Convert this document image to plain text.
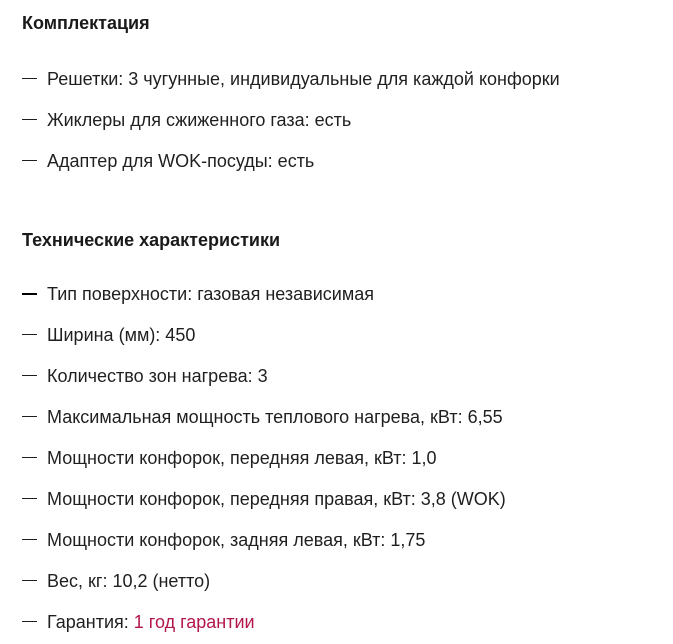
Комплектация
Решетки: 3 чугунные, индивидуальные для каждой конфорки
Жиклеры для сжиженного газа: есть
Адаптер для WOK-посуды: есть
Технические характеристики
Тип поверхности: газовая независимая
Ширина (мм): 450
Количество зон нагрева: 3
Максимальная мощность теплового нагрева, кВт: 6,55
Мощности конфорок, передняя левая, кВт: 1,0
Мощности конфорок, передняя правая, кВт: 3,8 (WOK)
Мощности конфорок, задняя левая, кВт: 1,75
Вес, кг: 10,2 (нетто)
Гарантия: 1 год гарантии
